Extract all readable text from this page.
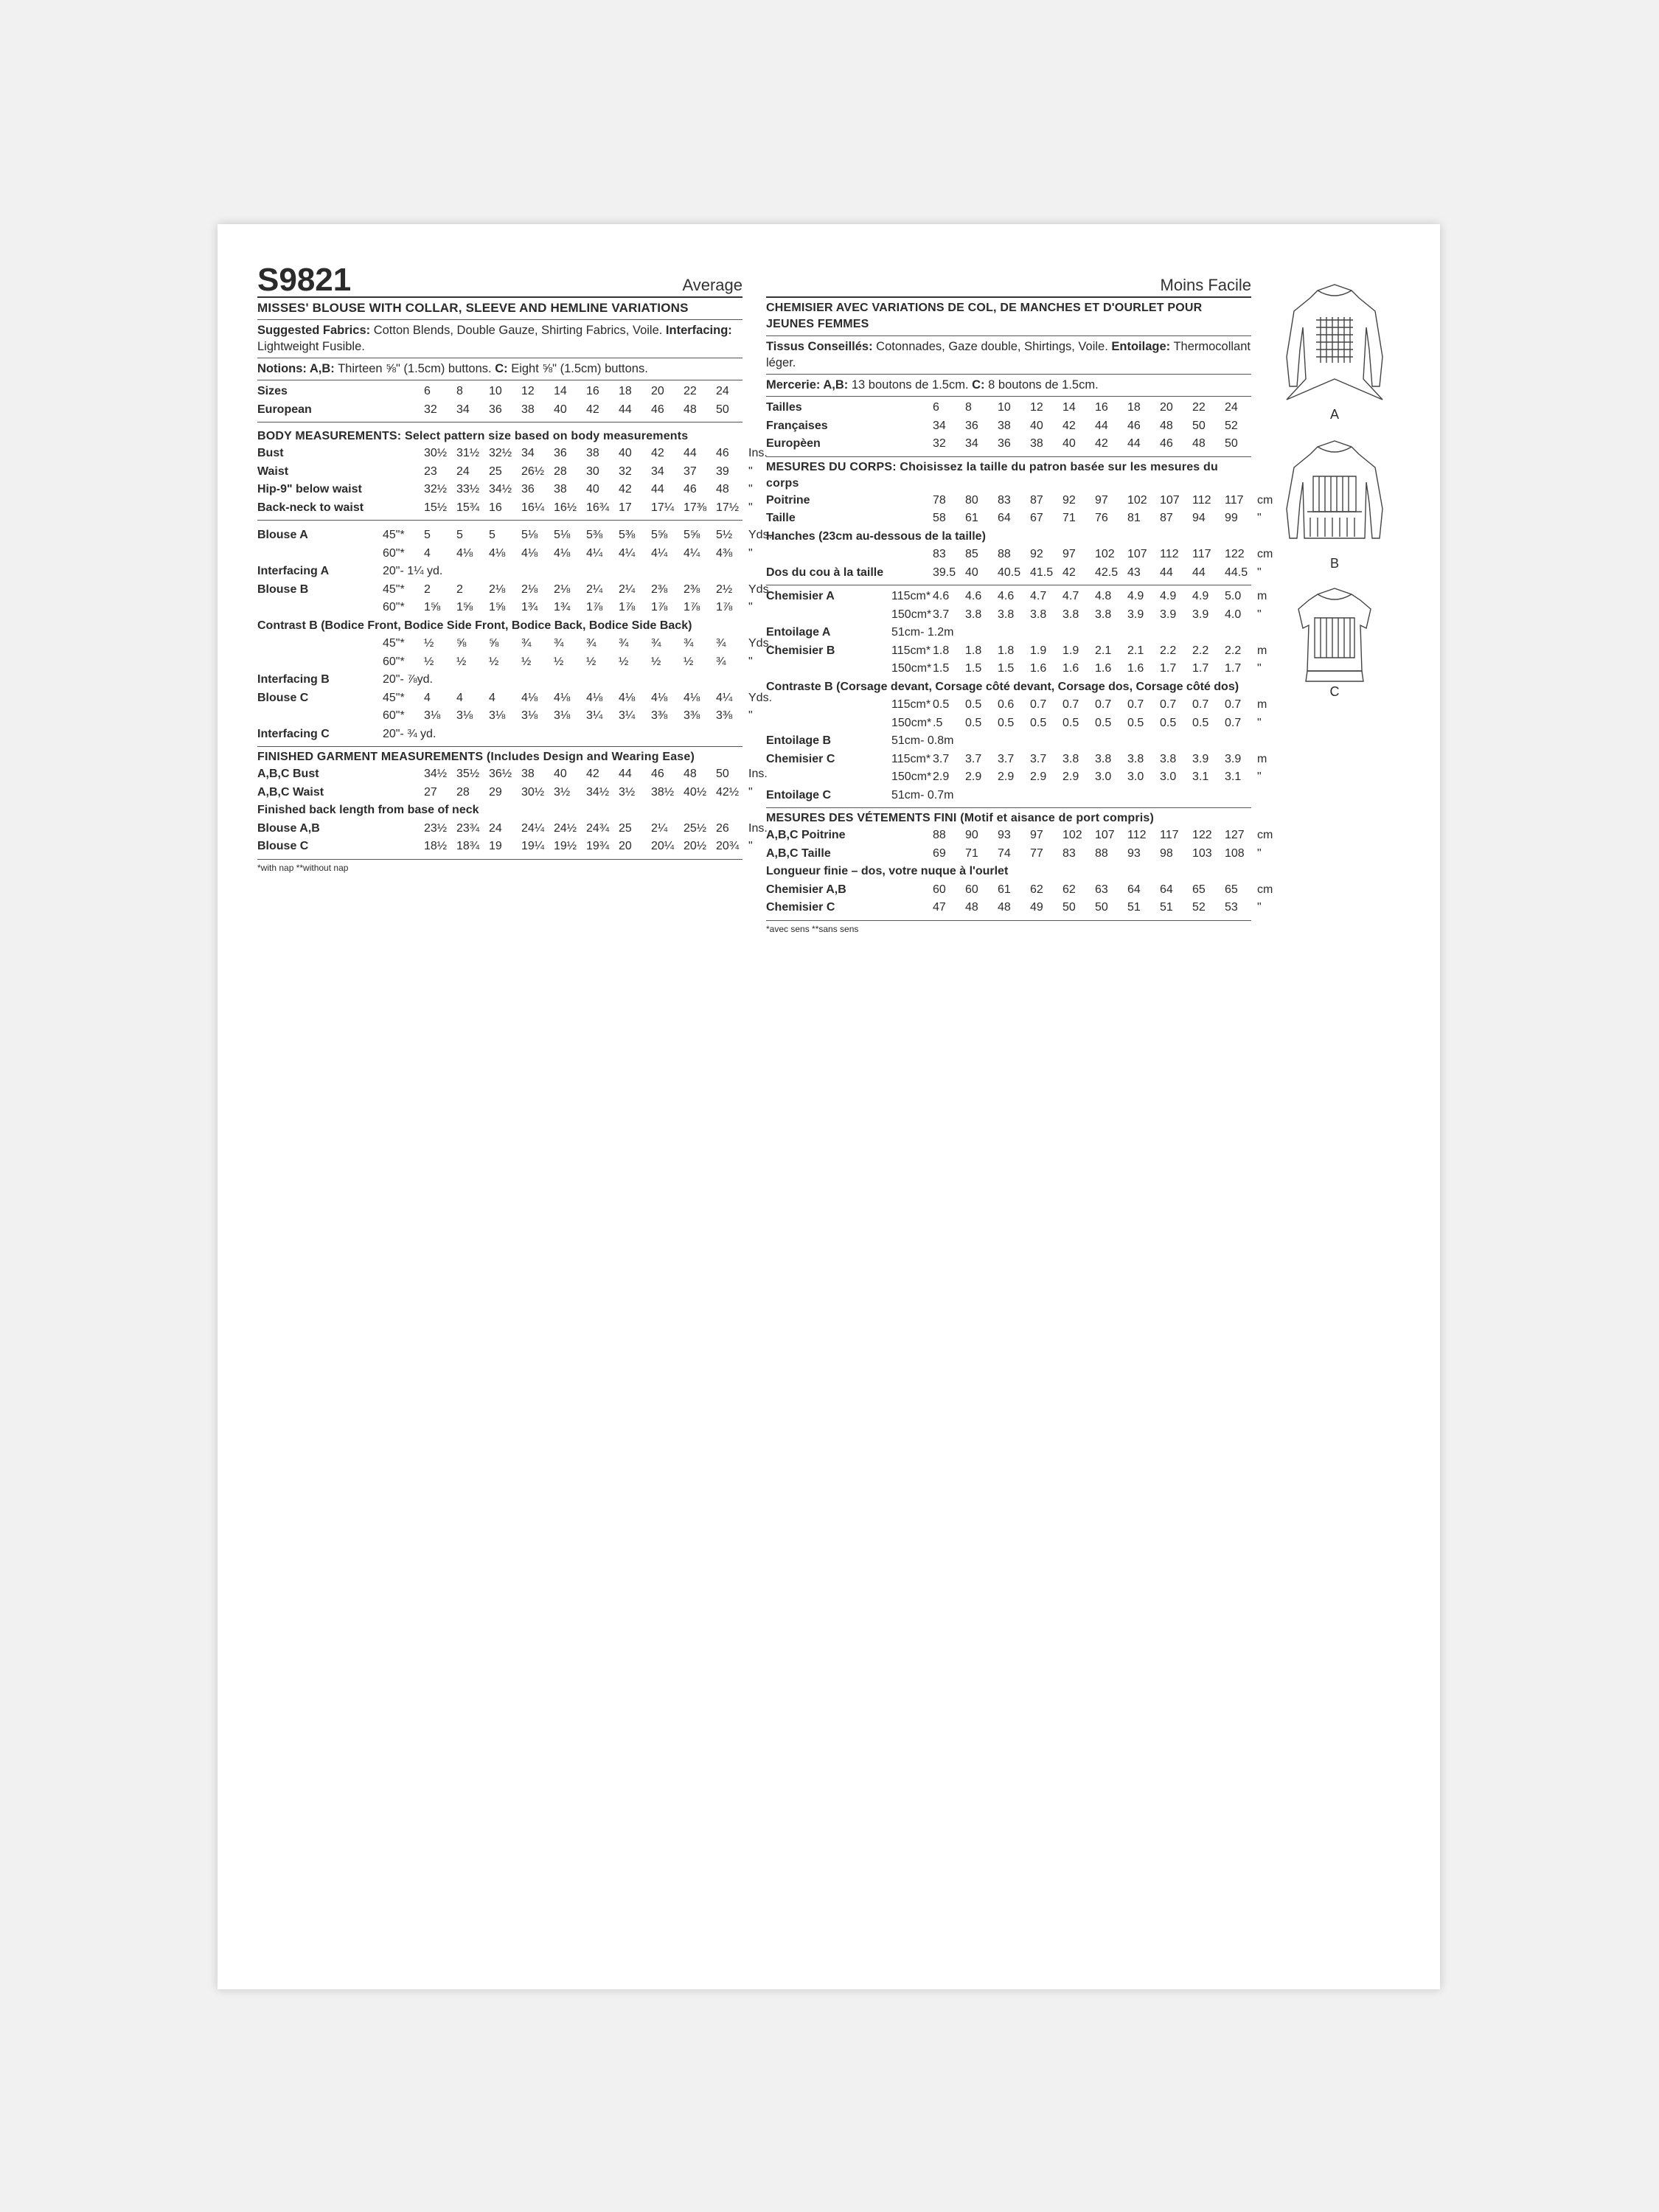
S9821	Average
MISSES' BLOUSE WITH COLLAR, SLEEVE AND HEMLINE VARIATIONS
Suggested Fabrics: Cotton Blends, Double Gauze, Shirting Fabrics, Voile. Interfacing: Lightweight Fusible.
Notions: A,B: Thirteen ⅝" (1.5cm) buttons. C: Eight ⅝" (1.5cm) buttons.
Sizes		6	8	10	12	14	16	18	20	22	24	
European		32	34	36	38	40	42	44	46	48	50	
BODY MEASUREMENTS: Select pattern size based on body measurements
Bust		30½	31½	32½	34	36	38	40	42	44	46	Ins.
Waist		23	24	25	26½	28	30	32	34	37	39	"
Hip-9" below waist		32½	33½	34½	36	38	40	42	44	46	48	"
Back-neck to waist		15½	15¾	16	16¼	16½	16¾	17	17¼	17⅜	17½	"
Blouse A	45"*	5	5	5	5⅛	5⅛	5⅜	5⅜	5⅝	5⅝	5½	Yds.
	60"*	4	4⅛	4⅛	4⅛	4⅛	4¼	4¼	4¼	4¼	4⅜	"
Interfacing A	20"- 1¼ yd.											
Blouse B	45"*	2	2	2⅛	2⅛	2⅛	2¼	2¼	2⅜	2⅜	2½	Yds.
	60"*	1⅝	1⅝	1⅝	1¾	1¾	1⅞	1⅞	1⅞	1⅞	1⅞	"
Contrast B (Bodice Front, Bodice Side Front, Bodice Back, Bodice Side Back)												
	45"*	½	⅝	⅝	¾	¾	¾	¾	¾	¾	¾	Yds.
	60"*	½	½	½	½	½	½	½	½	½	¾	"
Interfacing B	20"- ⅞yd.											
Blouse C	45"*	4	4	4	4⅛	4⅛	4⅛	4⅛	4⅛	4⅛	4¼	Yds.
	60"*	3⅛	3⅛	3⅛	3⅛	3⅛	3¼	3¼	3⅜	3⅜	3⅜	"
Interfacing C	20"- ¾ yd.											
FINISHED GARMENT MEASUREMENTS (Includes Design and Wearing Ease)
A,B,C Bust		34½	35½	36½	38	40	42	44	46	48	50	Ins.
A,B,C Waist		27	28	29	30½	3½	34½	3½	38½	40½	42½	"
Finished back length from base of neck												
Blouse A,B		23½	23¾	24	24¼	24½	24¾	25	2¼	25½	26	Ins.
Blouse C		18½	18¾	19	19¼	19½	19¾	20	20¼	20½	20¾	"
*with nap **without nap
Moins Facile
CHEMISIER AVEC VARIATIONS DE COL, DE MANCHES ET D'OURLET POUR JEUNES FEMMES
Tissus Conseillés: Cotonnades, Gaze double, Shirtings, Voile. Entoilage: Thermocollant léger.
Mercerie: A,B: 13 boutons de 1.5cm. C: 8 boutons de 1.5cm.
Tailles		6	8	10	12	14	16	18	20	22	24	
Françaises		34	36	38	40	42	44	46	48	50	52	
Europèen		32	34	36	38	40	42	44	46	48	50	
MESURES DU CORPS: Choisissez la taille du patron basée sur les mesures du corps
Poitrine		78	80	83	87	92	97	102	107	112	117	cm
Taille		58	61	64	67	71	76	81	87	94	99	"
Hanches (23cm au-dessous de la taille)												
		83	85	88	92	97	102	107	112	117	122	cm
Dos du cou à la taille		39.5	40	40.5	41.5	42	42.5	43	44	44	44.5	"
Chemisier A	115cm*	4.6	4.6	4.6	4.7	4.7	4.8	4.9	4.9	4.9	5.0	m
	150cm*	3.7	3.8	3.8	3.8	3.8	3.8	3.9	3.9	3.9	4.0	"
Entoilage A	51cm- 1.2m											
Chemisier B	115cm*	1.8	1.8	1.8	1.9	1.9	2.1	2.1	2.2	2.2	2.2	m
	150cm*	1.5	1.5	1.5	1.6	1.6	1.6	1.6	1.7	1.7	1.7	"
Contraste B (Corsage devant, Corsage côté devant, Corsage dos, Corsage côté dos)												
	115cm*	0.5	0.5	0.6	0.7	0.7	0.7	0.7	0.7	0.7	0.7	m
	150cm*	.5	0.5	0.5	0.5	0.5	0.5	0.5	0.5	0.5	0.7	"
Entoilage B	51cm- 0.8m											
Chemisier C	115cm*	3.7	3.7	3.7	3.7	3.8	3.8	3.8	3.8	3.9	3.9	m
	150cm*	2.9	2.9	2.9	2.9	2.9	3.0	3.0	3.0	3.1	3.1	"
Entoilage C	51cm- 0.7m											
MESURES DES VÉTEMENTS FINI (Motif et aisance de port compris)
A,B,C Poitrine		88	90	93	97	102	107	112	117	122	127	cm
A,B,C Taille		69	71	74	77	83	88	93	98	103	108	"
Longueur finie – dos, votre nuque à l'ourlet												
Chemisier A,B		60	60	61	62	62	63	64	64	65	65	cm
Chemisier C		47	48	48	49	50	50	51	51	52	53	"
*avec sens **sans sens
A
B
C
